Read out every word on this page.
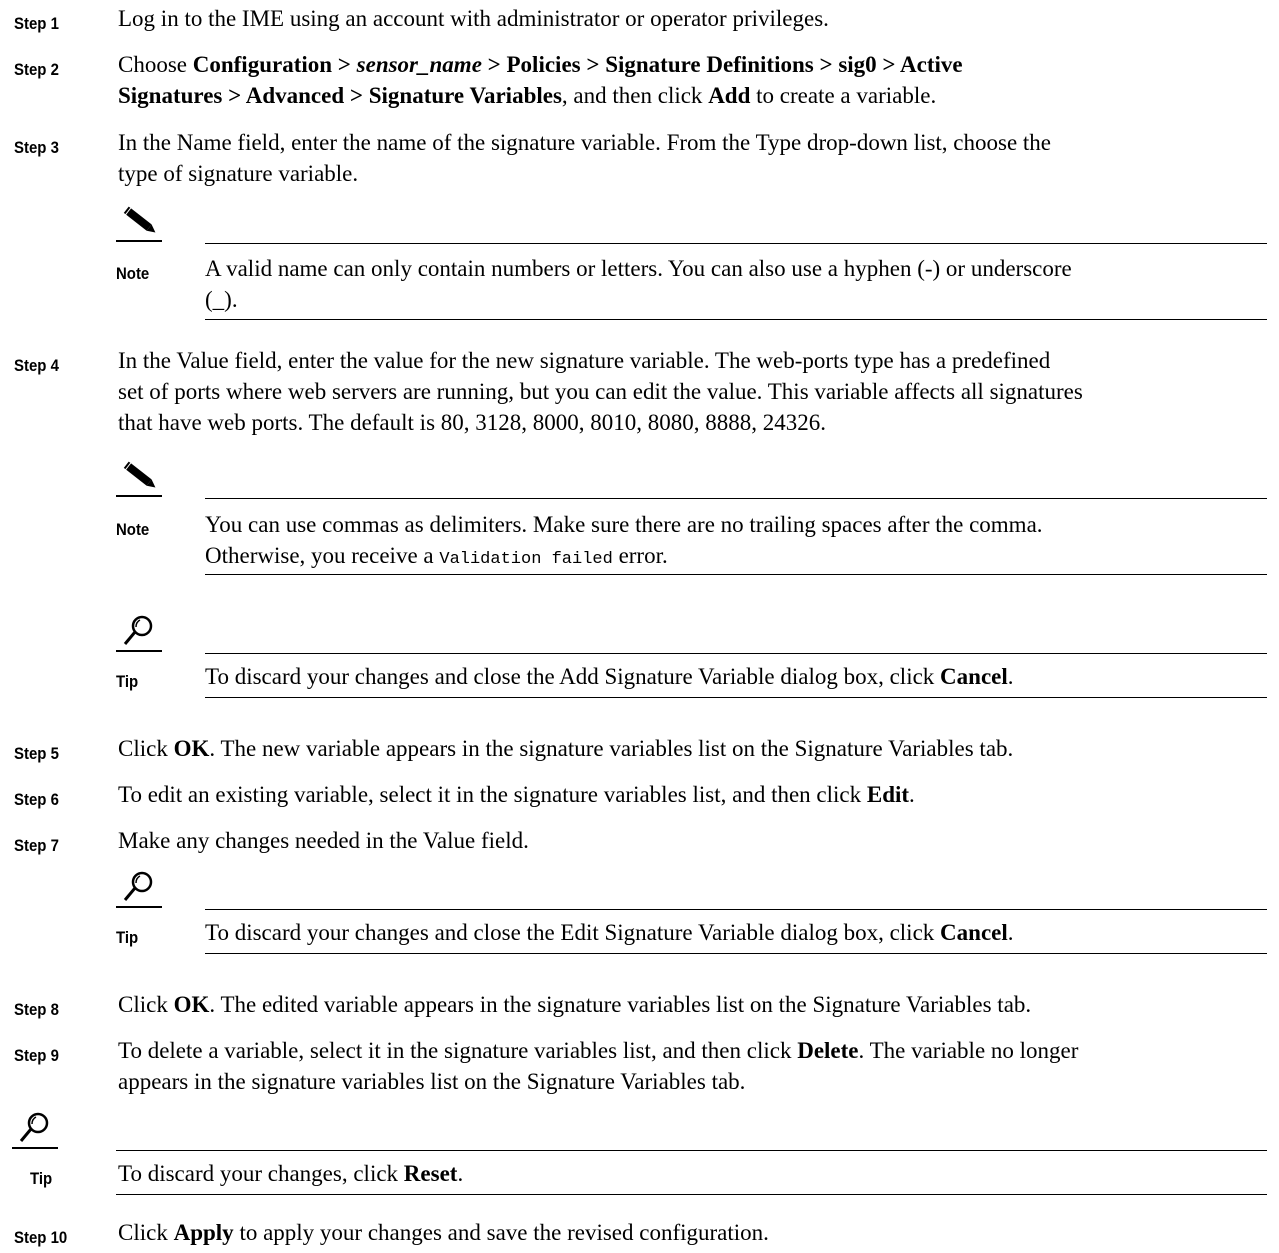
Step 1	Log in to the IME using an account with administrator or operator privileges.
Step 2	Choose Configuration > sensor_name > Policies > Signature Definitions > sig0 > Active
Signatures > Advanced > Signature Variables, and then click Add to create a variable.
Step 3	In the Name field, enter the name of the signature variable. From the Type drop-down list, choose the
type of signature variable.
Note A valid name can only contain numbers or letters. You can also use a hyphen (-) or underscore
(_).
Step 4	In the Value field, enter the value for the new signature variable. The web-ports type has a predefined
set of ports where web servers are running, but you can edit the value. This variable affects all signatures
that have web ports. The default is 80, 3128, 8000, 8010, 8080, 8888, 24326.
Note You can use commas as delimiters. Make sure there are no trailing spaces after the comma.
Otherwise, you receive a Validation failed error.
Tip	To discard your changes and close the Add Signature Variable dialog box, click Cancel.
Step 5	Click OK. The new variable appears in the signature variables list on the Signature Variables tab.
Step 6	To edit an existing variable, select it in the signature variables list, and then click Edit.
Step 7	Make any changes needed in the Value field.
Tip	To discard your changes and close the Edit Signature Variable dialog box, click Cancel.
Step 8	Click OK. The edited variable appears in the signature variables list on the Signature Variables tab.
Step 9	To delete a variable, select it in the signature variables list, and then click Delete. The variable no longer
appears in the signature variables list on the Signature Variables tab.
Tip	To discard your changes, click Reset.
Step 10 Click Apply to apply your changes and save the revised configuration.
